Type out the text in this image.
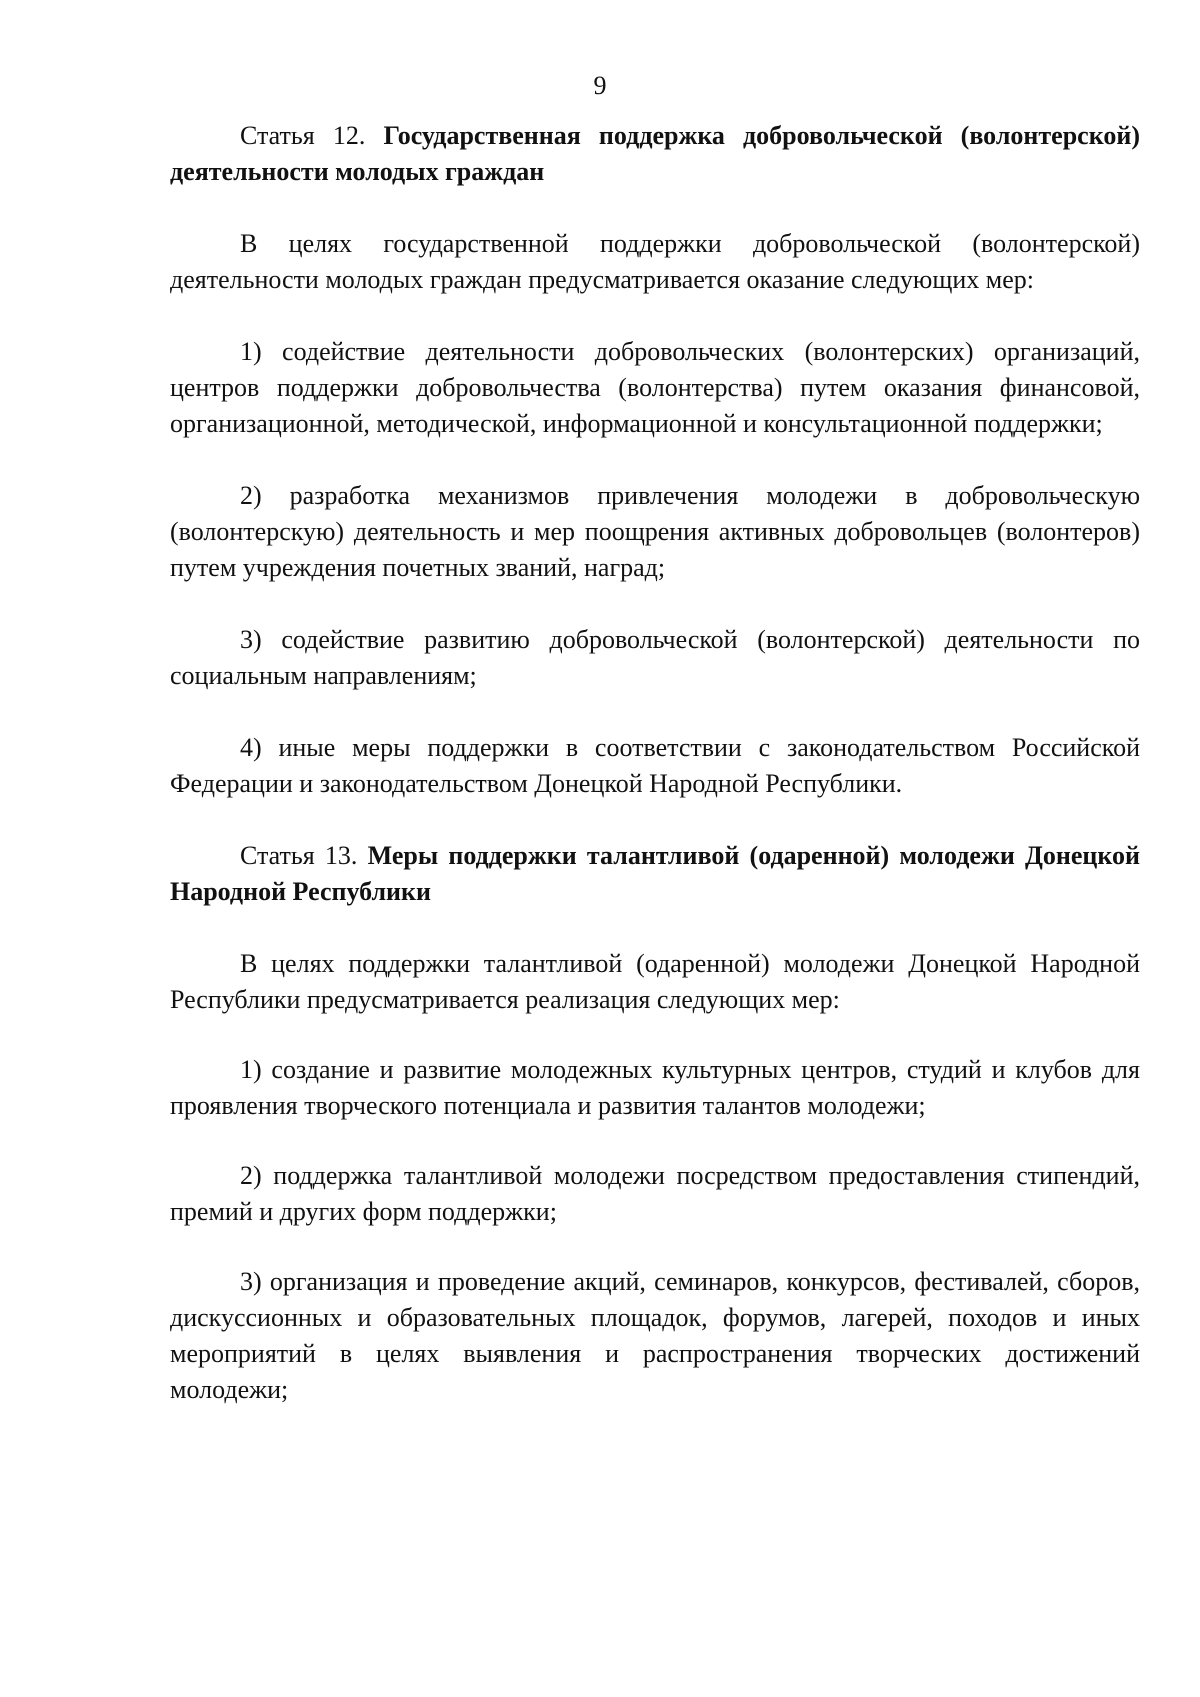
9

Статья 12. Государственная поддержка добровольческой (волонтерской) деятельности молодых граждан

В целях государственной поддержки добровольческой (волонтерской) деятельности молодых граждан предусматривается оказание следующих мер:

1) содействие деятельности добровольческих (волонтерских) организаций, центров поддержки добровольчества (волонтерства) путем оказания финансовой, организационной, методической, информационной и консультационной поддержки;

2) разработка механизмов привлечения молодежи в добровольческую (волонтерскую) деятельность и мер поощрения активных добровольцев (волонтеров) путем учреждения почетных званий, наград;

3) содействие развитию добровольческой (волонтерской) деятельности по социальным направлениям;

4) иные меры поддержки в соответствии с законодательством Российской Федерации и законодательством Донецкой Народной Республики.

Статья 13. Меры поддержки талантливой (одаренной) молодежи Донецкой Народной Республики

В целях поддержки талантливой (одаренной) молодежи Донецкой Народной Республики предусматривается реализация следующих мер:

1) создание и развитие молодежных культурных центров, студий и клубов для проявления творческого потенциала и развития талантов молодежи;

2) поддержка талантливой молодежи посредством предоставления стипендий, премий и других форм поддержки;

3) организация и проведение акций, семинаров, конкурсов, фестивалей, сборов, дискуссионных и образовательных площадок, форумов, лагерей, походов и иных мероприятий в целях выявления и распространения творческих достижений молодежи;
